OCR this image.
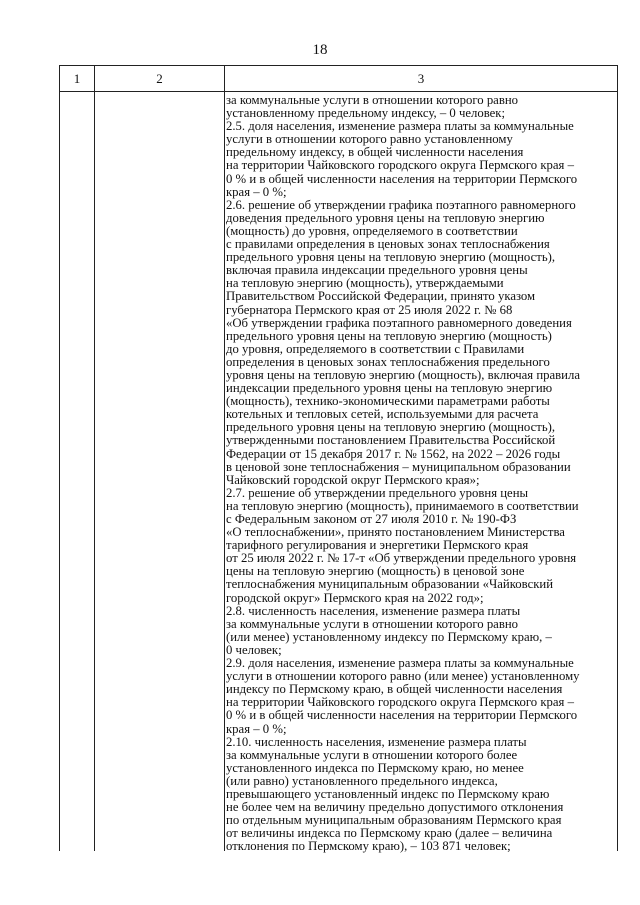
18
1	2	3
за коммунальные услуги в отношении которого равно
установленному предельному индексу, – 0 человек;
2.5. доля населения, изменение размера платы за коммунальные
услуги в отношении которого равно установленному
предельному индексу, в общей численности населения
на территории Чайковского городского округа Пермского края –
0 % и в общей численности населения на территории Пермского
края – 0 %;
2.6. решение об утверждении графика поэтапного равномерного
доведения предельного уровня цены на тепловую энергию
(мощность) до уровня, определяемого в соответствии
с правилами определения в ценовых зонах теплоснабжения
предельного уровня цены на тепловую энергию (мощность),
включая правила индексации предельного уровня цены
на тепловую энергию (мощность), утверждаемыми
Правительством Российской Федерации, принято указом
губернатора Пермского края от 25 июля 2022 г. № 68
«Об утверждении графика поэтапного равномерного доведения
предельного уровня цены на тепловую энергию (мощность)
до уровня, определяемого в соответствии с Правилами
определения в ценовых зонах теплоснабжения предельного
уровня цены на тепловую энергию (мощность), включая правила
индексации предельного уровня цены на тепловую энергию
(мощность), технико-экономическими параметрами работы
котельных и тепловых сетей, используемыми для расчета
предельного уровня цены на тепловую энергию (мощность),
утвержденными постановлением Правительства Российской
Федерации от 15 декабря 2017 г. № 1562, на 2022 – 2026 годы
в ценовой зоне теплоснабжения – муниципальном образовании
Чайковский городской округ Пермского края»;
2.7. решение об утверждении предельного уровня цены
на тепловую энергию (мощность), принимаемого в соответствии
с Федеральным законом от 27 июля 2010 г. № 190-ФЗ
«О теплоснабжении», принято постановлением Министерства
тарифного регулирования и энергетики Пермского края
от 25 июля 2022 г. № 17-т «Об утверждении предельного уровня
цены на тепловую энергию (мощность) в ценовой зоне
теплоснабжения муниципальным образовании «Чайковский
городской округ» Пермского края на 2022 год»;
2.8. численность населения, изменение размера платы
за коммунальные услуги в отношении которого равно
(или менее) установленному индексу по Пермскому краю, –
0 человек;
2.9. доля населения, изменение размера платы за коммунальные
услуги в отношении которого равно (или менее) установленному
индексу по Пермскому краю, в общей численности населения
на территории Чайковского городского округа Пермского края –
0 % и в общей численности населения на территории Пермского
края – 0 %;
2.10. численность населения, изменение размера платы
за коммунальные услуги в отношении которого более
установленного индекса по Пермскому краю, но менее
(или равно) установленного предельного индекса,
превышающего установленный индекс по Пермскому краю
не более чем на величину предельно допустимого отклонения
по отдельным муниципальным образованиям Пермского края
от величины индекса по Пермскому краю (далее – величина
отклонения по Пермскому краю), – 103 871 человек;
